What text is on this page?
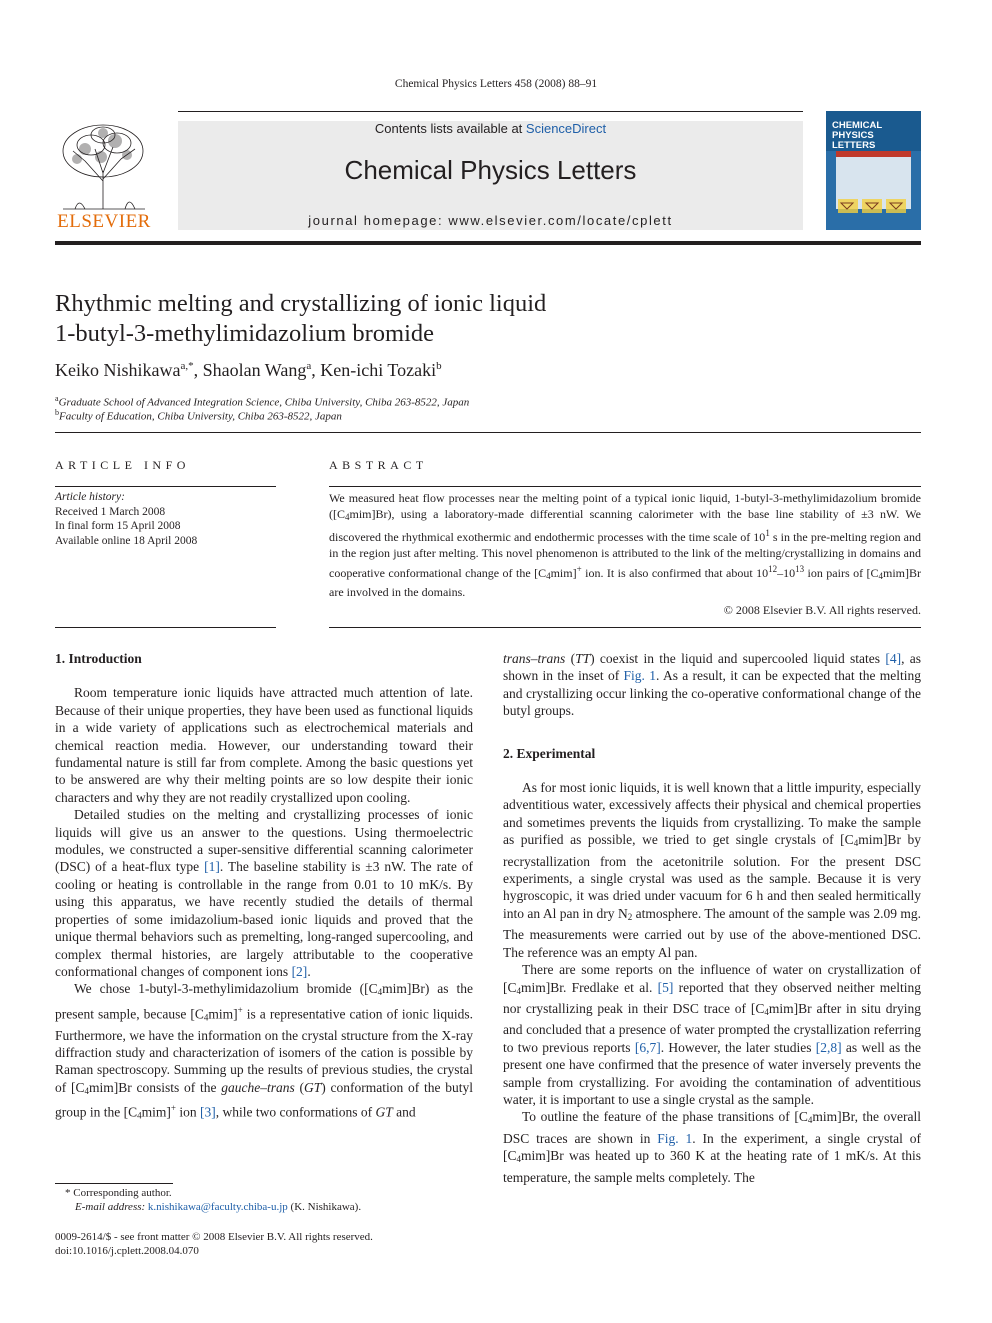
Chemical Physics Letters 458 (2008) 88–91
ELSEVIER
Contents lists available at ScienceDirect
Chemical Physics Letters
journal homepage: www.elsevier.com/locate/cplett
CHEMICAL PHYSICS LETTERS
Rhythmic melting and crystallizing of ionic liquid
1-butyl-3-methylimidazolium bromide
Keiko Nishikawa$^{a,*}$, Shaolan Wang$^a$, Ken-ichi Tozaki$^b$
$^a$Graduate School of Advanced Integration Science, Chiba University, Chiba 263-8522, Japan
$^b$Faculty of Education, Chiba University, Chiba 263-8522, Japan
ARTICLE INFO	ABSTRACT
Article history:
Received 1 March 2008
In final form 15 April 2008
Available online 18 April 2008
We measured heat flow processes near the melting point of a typical ionic liquid, 1-butyl-3-methylimidazolium bromide $([C_4mim]Br)$, using a laboratory-made differential scanning calorimeter with the base line stability of ±3 nW. We discovered the rhythmical exothermic and endothermic processes with the time scale of $10^1$ s in the pre-melting region and in the region just after melting. This novel phenomenon is attributed to the link of the melting/crystallizing in domains and cooperative conformational change of the $[C_4mim]^+$ ion. It is also confirmed that about $10^{12}-10^{13}$ ion pairs of $[C_4mim]Br$ are involved in the domains.
© 2008 Elsevier B.V. All rights reserved.
1. Introduction

Room temperature ionic liquids have attracted much attention of late. Because of their unique properties, they have been used as functional liquids in a wide variety of applications such as electrochemical materials and chemical reaction media. However, our understanding toward their fundamental nature is still far from complete. Among the basic questions yet to be answered are why their melting points are so low despite their ionic characters and why they are not readily crystallized upon cooling.

Detailed studies on the melting and crystallizing processes of ionic liquids will give us an answer to the questions. Using thermoelectric modules, we constructed a super-sensitive differential scanning calorimeter (DSC) of a heat-flux type [1]. The baseline stability is ±3 nW. The rate of cooling or heating is controllable in the range from 0.01 to 10 mK/s. By using this apparatus, we have recently studied the details of thermal properties of some imidazolium-based ionic liquids and proved that the unique thermal behaviors such as premelting, long-ranged supercooling, and complex thermal histories, are largely attributable to the cooperative conformational changes of component ions [2].

We chose 1-butyl-3-methylimidazolium bromide $([C_4mim]Br)$ as the present sample, because $[C_4mim]^+$ is a representative cation of ionic liquids. Furthermore, we have the information on the crystal structure from the X-ray diffraction study and characterization of isomers of the cation is possible by Raman spectroscopy. Summing up the results of previous studies, the crystal of $[C_4mim]Br$ consists of the gauche–trans (GT) conformation of the butyl group in the $[C_4mim]^+$ ion [3], while two conformations of GT and

trans–trans (TT) coexist in the liquid and supercooled liquid states [4], as shown in the inset of Fig. 1. As a result, it can be expected that the melting and crystallizing occur linking the co-operative conformational change of the butyl groups.

2. Experimental

As for most ionic liquids, it is well known that a little impurity, especially adventitious water, excessively affects their physical and chemical properties and sometimes prevents the liquids from crystallizing. To make the sample as purified as possible, we tried to get single crystals of $[C_4mim]Br$ by recrystallization from the acetonitrile solution. For the present DSC experiments, a single crystal was used as the sample. Because it is very hygroscopic, it was dried under vacuum for 6 h and then sealed hermitically into an Al pan in dry $N_2$ atmosphere. The amount of the sample was 2.09 mg. The measurements were carried out by use of the above-mentioned DSC. The reference was an empty Al pan.

There are some reports on the influence of water on crystallization of $[C_4mim]Br$. Fredlake et al. [5] reported that they observed neither melting nor crystallizing peak in their DSC trace of $[C_4mim]Br$ after in situ drying and concluded that a presence of water prompted the crystallization referring to two previous reports [6,7]. However, the later studies [2,8] as well as the present one have confirmed that the presence of water inversely prevents the sample from crystallizing. For avoiding the contamination of adventitious water, it is important to use a single crystal as the sample.

To outline the feature of the phase transitions of $[C_4mim]Br$, the overall DSC traces are shown in Fig. 1. In the experiment, a single crystal of $[C_4mim]Br$ was heated up to 360 K at the heating rate of 1 mK/s. At this temperature, the sample melts completely. The

* Corresponding author.
E-mail address: k.nishikawa@faculty.chiba-u.jp (K. Nishikawa).
0009-2614/$ - see front matter © 2008 Elsevier B.V. All rights reserved.
doi:10.1016/j.cplett.2008.04.070
